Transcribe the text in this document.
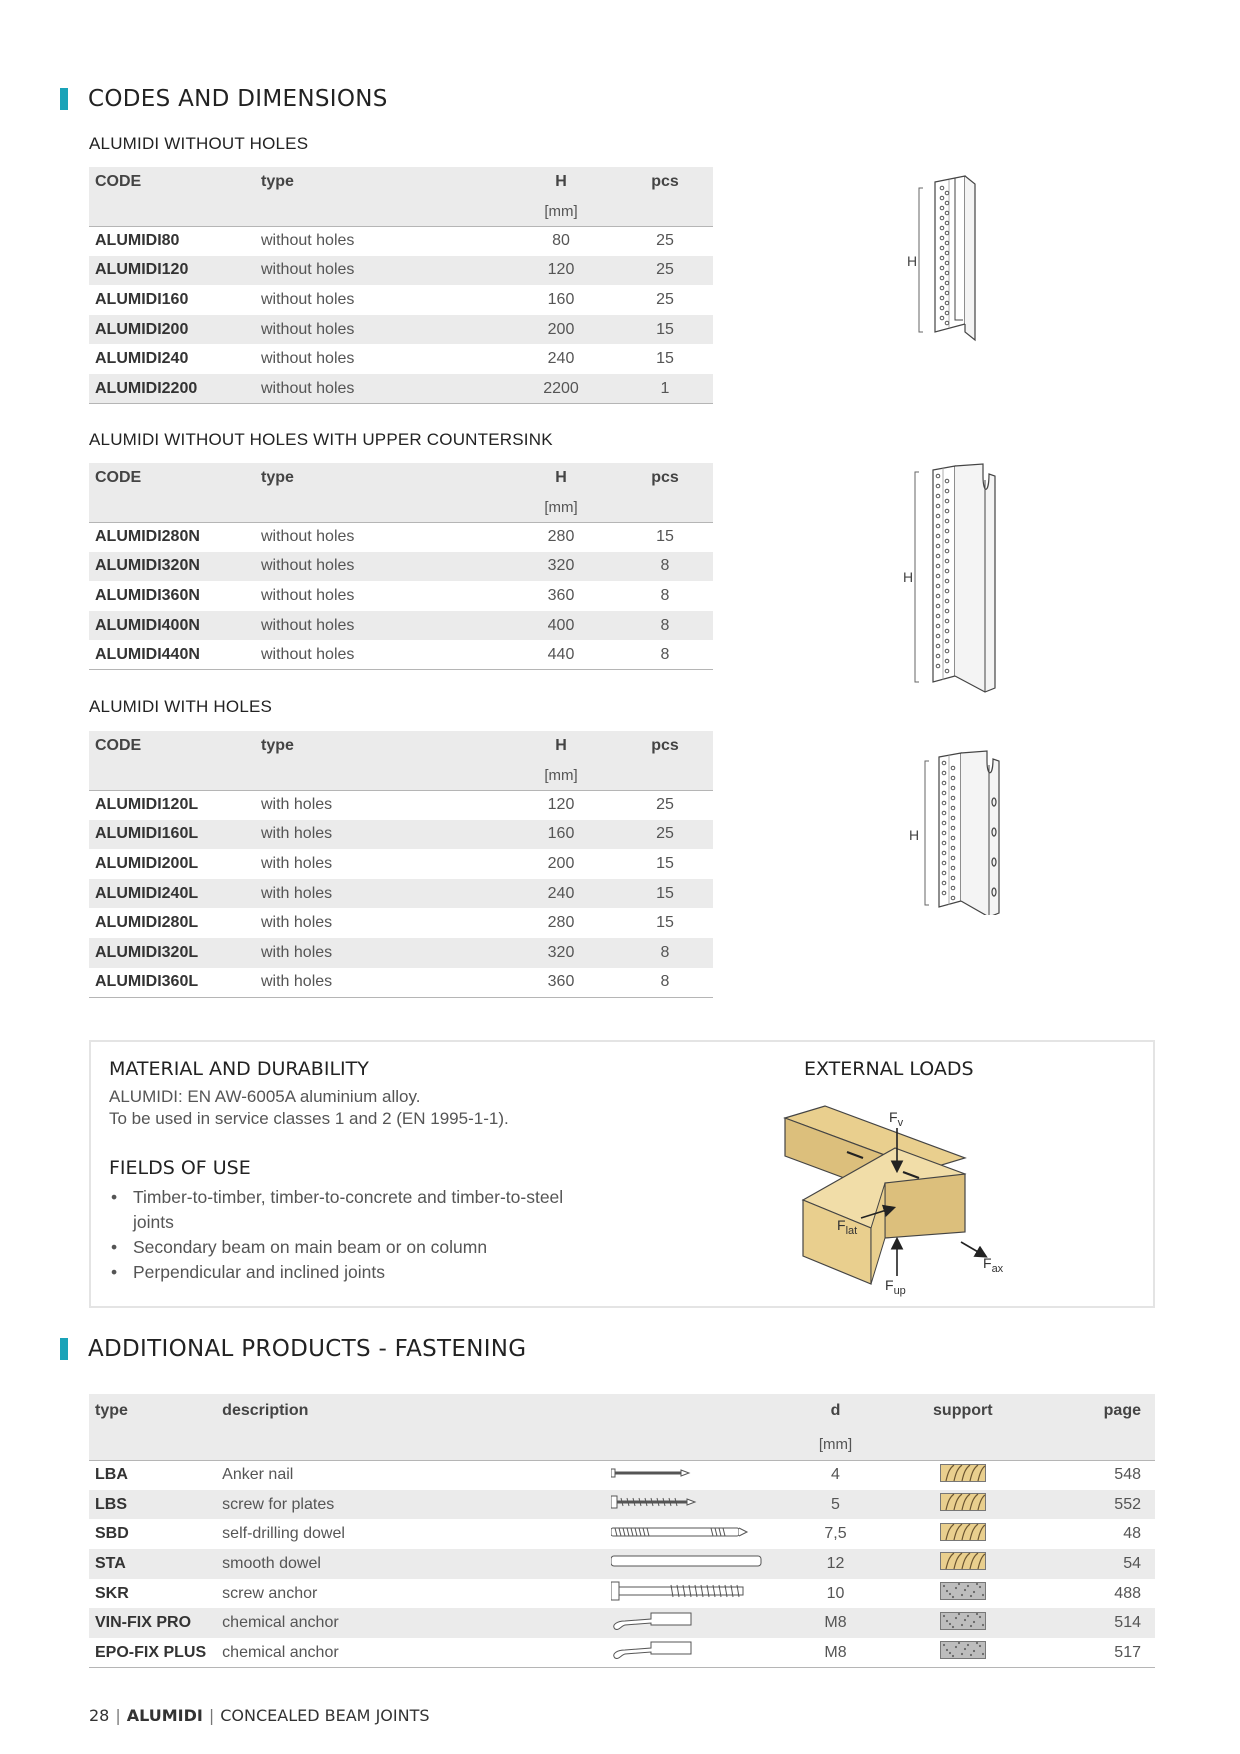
CODES AND DIMENSIONS
ALUMIDI WITHOUT HOLES
CODE	type	H	pcs
		[mm]	
ALUMIDI80	without holes	80	25
ALUMIDI120	without holes	120	25
ALUMIDI160	without holes	160	25
ALUMIDI200	without holes	200	15
ALUMIDI240	without holes	240	15
ALUMIDI2200	without holes	2200	1
H
ALUMIDI WITHOUT HOLES WITH UPPER COUNTERSINK
CODE	type	H	pcs
		[mm]	
ALUMIDI280N	without holes	280	15
ALUMIDI320N	without holes	320	8
ALUMIDI360N	without holes	360	8
ALUMIDI400N	without holes	400	8
ALUMIDI440N	without holes	440	8
H
ALUMIDI WITH HOLES
CODE	type	H	pcs
		[mm]	
ALUMIDI120L	with holes	120	25
ALUMIDI160L	with holes	160	25
ALUMIDI200L	with holes	200	15
ALUMIDI240L	with holes	240	15
ALUMIDI280L	with holes	280	15
ALUMIDI320L	with holes	320	8
ALUMIDI360L	with holes	360	8
H
MATERIAL AND DURABILITY

ALUMIDI: EN AW-6005A aluminium alloy.

To be used in service classes 1 and 2 (EN 1995-1-1).

FIELDS OF USE
• Timber-to-timber, timber-to-concrete and timber-to-steel joints
• Secondary beam on main beam or on column
• Perpendicular and inclined joints
EXTERNAL LOADS
$F_v$
$F_{lat}$
$F_{ax}$
$F_{up}$
ADDITIONAL PRODUCTS - FASTENING
type	description		d	support	page
			[mm]		
LBA	Anker nail		4		548
LBS	screw for plates		5		552
SBD	self-drilling dowel		7,5		48
STA	smooth dowel		12		54
SKR	screw anchor		10		488
VIN-FIX PRO	chemical anchor		M8		514
EPO-FIX PLUS	chemical anchor		M8		517
28 | ALUMIDI | CONCEALED BEAM JOINTS
